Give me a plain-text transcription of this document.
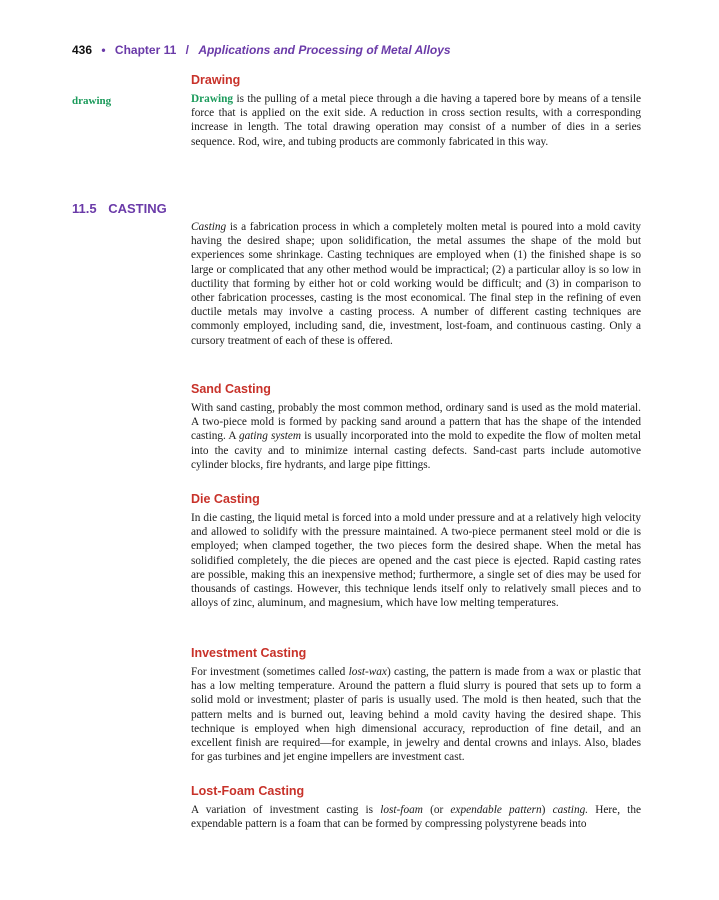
436 • Chapter 11 / Applications and Processing of Metal Alloys
drawing
Drawing

Drawing is the pulling of a metal piece through a die having a tapered bore by means of a tensile force that is applied on the exit side. A reduction in cross section results, with a corresponding increase in length. The total drawing operation may consist of a number of dies in a series sequence. Rod, wire, and tubing products are commonly fabricated in this way.

11.5 CASTING

Casting is a fabrication process in which a completely molten metal is poured into a mold cavity having the desired shape; upon solidification, the metal assumes the shape of the mold but experiences some shrinkage. Casting techniques are employed when (1) the finished shape is so large or complicated that any other method would be impractical; (2) a particular alloy is so low in ductility that forming by either hot or cold working would be difficult; and (3) in comparison to other fabrication processes, casting is the most economical. The final step in the refining of even ductile metals may involve a casting process. A number of different casting techniques are commonly employed, including sand, die, investment, lost-foam, and continuous casting. Only a cursory treatment of each of these is offered.

Sand Casting

With sand casting, probably the most common method, ordinary sand is used as the mold material. A two-piece mold is formed by packing sand around a pattern that has the shape of the intended casting. A gating system is usually incorporated into the mold to expedite the flow of molten metal into the cavity and to minimize internal casting defects. Sand-cast parts include automotive cylinder blocks, fire hydrants, and large pipe fittings.

Die Casting

In die casting, the liquid metal is forced into a mold under pressure and at a relatively high velocity and allowed to solidify with the pressure maintained. A two-piece permanent steel mold or die is employed; when clamped together, the two pieces form the desired shape. When the metal has solidified completely, the die pieces are opened and the cast piece is ejected. Rapid casting rates are possible, making this an inexpensive method; furthermore, a single set of dies may be used for thousands of castings. However, this technique lends itself only to relatively small pieces and to alloys of zinc, aluminum, and magnesium, which have low melting temperatures.

Investment Casting

For investment (sometimes called lost-wax) casting, the pattern is made from a wax or plastic that has a low melting temperature. Around the pattern a fluid slurry is poured that sets up to form a solid mold or investment; plaster of paris is usually used. The mold is then heated, such that the pattern melts and is burned out, leaving behind a mold cavity having the desired shape. This technique is employed when high dimensional accuracy, reproduction of fine detail, and an excellent finish are required—for example, in jewelry and dental crowns and inlays. Also, blades for gas turbines and jet engine impellers are investment cast.

Lost-Foam Casting

A variation of investment casting is lost-foam (or expendable pattern) casting. Here, the expendable pattern is a foam that can be formed by compressing polystyrene beads into
